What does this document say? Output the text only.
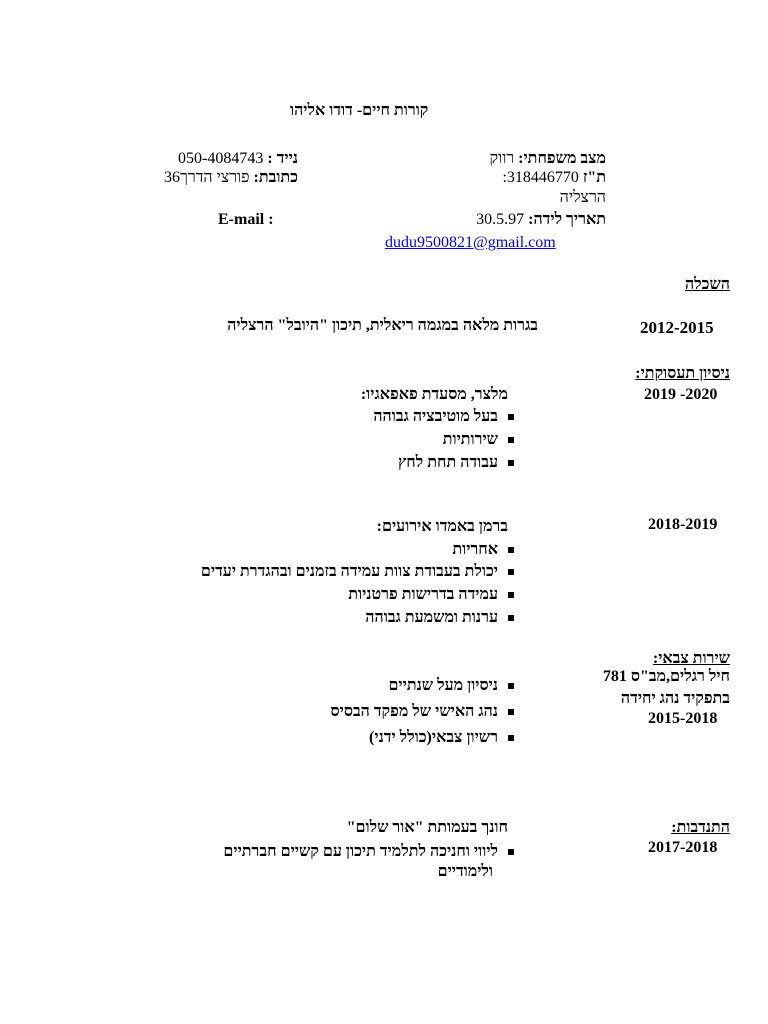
קורות חיים- דודו אליהו
מצב משפחתי: רווק
ת"ז 318446770:
תאריך לידה: 30.5.97
dudu9500821@gmail.com
נייד : 050-4084743
כתובת: פורצי הדרך36
הרצליה
E-mail :
השכלה
2012-2015
בגרות מלאה במגמה ריאלית, תיכון "היובל" הרצליה
ניסיון תעסוקתי:
2019 -2020
מלצר, מסעדת פאפאגיו:
בעל מוטיבציה גבוהה
שירותיות
עבודה תחת לחץ
2018-2019
ברמן באמדו אירועים:
אחריות
יכולת בעבודת צוות עמידה בזמנים ובהגדרת יעדים
עמידה בדרישות פרטניות
ערנות ומשמעת גבוהה
שירות צבאי:
חיל רגלים,מב"ס 781
בתפקיד נהג יחידה
2015-2018
ניסיון מעל שנתיים
נהג האישי של מפקד הבסיס
רשיון צבאי(כולל ידני)
התנדבות:
2017-2018
חונך בעמותת "אור שלום"
ליווי וחניכה לתלמיד תיכון עם קשיים חברתיים
ולימודיים
